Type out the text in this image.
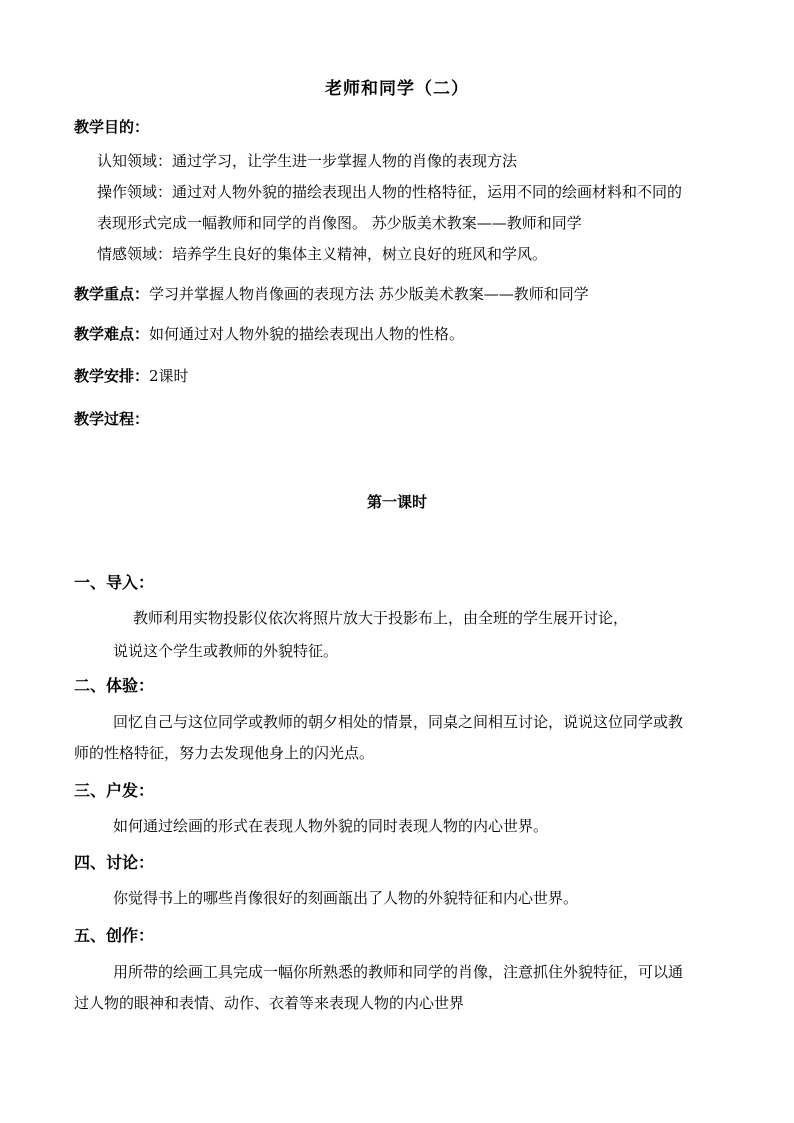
老师和同学（二）
教学目的：
认知领域：通过学习，让学生进一步掌握人物的肖像的表现方法
操作领域：通过对人物外貌的描绘表现出人物的性格特征，运用不同的绘画材料和不同的
表现形式完成一幅教师和同学的肖像图。 苏少版美术教案——教师和同学
情感领域：培养学生良好的集体主义精神，树立良好的班风和学风。
教学重点：学习并掌握人物肖像画的表现方法 苏少版美术教案——教师和同学
教学难点：如何通过对人物外貌的描绘表现出人物的性格。
教学安排：2课时
教学过程：
第一课时
一、导入：
教师利用实物投影仪依次将照片放大于投影布上，由全班的学生展开讨论，
说说这个学生或教师的外貌特征。
二、体验：
回忆自己与这位同学或教师的朝夕相处的情景，同桌之间相互讨论，说说这位同学或教
师的性格特征，努力去发现他身上的闪光点。
三、户发：
如何通过绘画的形式在表现人物外貌的同时表现人物的内心世界。
四、讨论：
你觉得书上的哪些肖像很好的刻画瓿出了人物的外貌特征和内心世界。
五、创作：
用所带的绘画工具完成一幅你所熟悉的教师和同学的肖像，注意抓住外貌特征，可以通
过人物的眼神和表情、动作、衣着等来表现人物的内心世界
